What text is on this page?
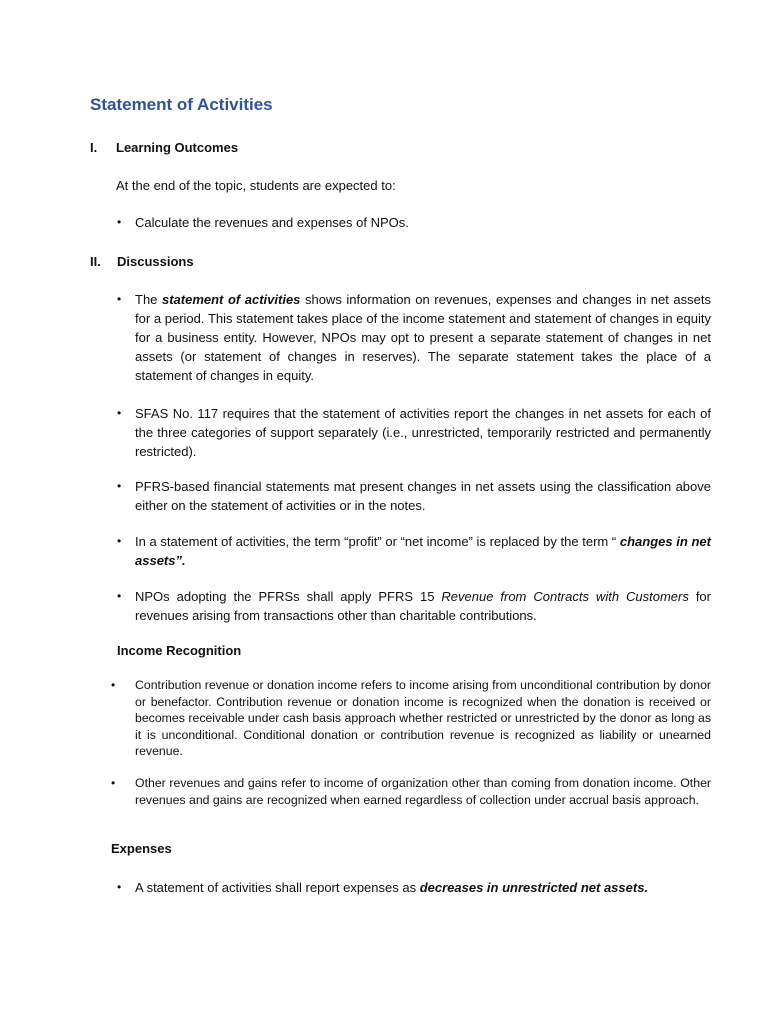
Statement of Activities
I. Learning Outcomes
At the end of the topic, students are expected to:
• Calculate the revenues and expenses of NPOs.
II. Discussions
• The statement of activities shows information on revenues, expenses and changes in net assets for a period. This statement takes place of the income statement and statement of changes in equity for a business entity. However, NPOs may opt to present a separate statement of changes in net assets (or statement of changes in reserves). The separate statement takes the place of a statement of changes in equity.
• SFAS No. 117 requires that the statement of activities report the changes in net assets for each of the three categories of support separately (i.e., unrestricted, temporarily restricted and permanently restricted).
• PFRS-based financial statements mat present changes in net assets using the classification above either on the statement of activities or in the notes.
• In a statement of activities, the term “profit” or “net income” is replaced by the term “ changes in net assets”.
• NPOs adopting the PFRSs shall apply PFRS 15 Revenue from Contracts with Customers for revenues arising from transactions other than charitable contributions.
Income Recognition
• Contribution revenue or donation income refers to income arising from unconditional contribution by donor or benefactor. Contribution revenue or donation income is recognized when the donation is received or becomes receivable under cash basis approach whether restricted or unrestricted by the donor as long as it is unconditional. Conditional donation or contribution revenue is recognized as liability or unearned revenue.
• Other revenues and gains refer to income of organization other than coming from donation income. Other revenues and gains are recognized when earned regardless of collection under accrual basis approach.
Expenses
• A statement of activities shall report expenses as decreases in unrestricted net assets.
